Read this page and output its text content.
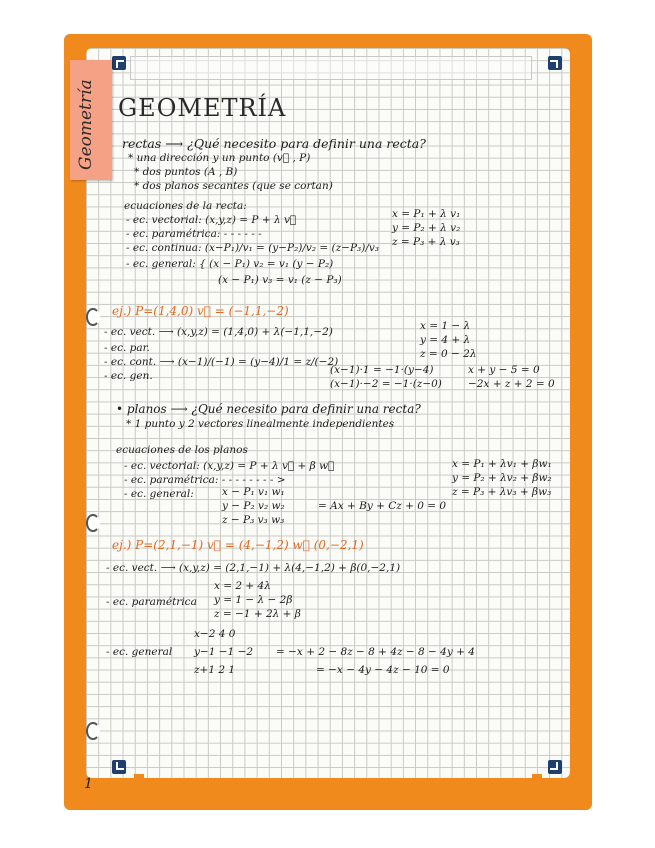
Geometría GEOMETRÍA
rectas ⟶ ¿Qué necesito para definir una recta?
* una dirección y un punto (v⃗ , P)
* dos puntos (A , B)
* dos planos secantes (que se cortan)
ecuaciones de la recta:
- ec. vectorial: (x,y,z) = P + λ v⃗
- ec. paramétrica: - - - - - -
- ec. continua: (x−P₁)/v₁ = (y−P₂)/v₂ = (z−P₃)/v₃
- ec. general: { (x − P₁) v₂ = v₁ (y − P₂)
(x − P₁) v₃ = v₁ (z − P₃)
x = P₁ + λ v₁
y = P₂ + λ v₂
z = P₃ + λ v₃
ej.) P=(1,4,0) v⃗ = (−1,1,−2)
- ec. vect. ⟶ (x,y,z) = (1,4,0) + λ(−1,1,−2)
- ec. par.
- ec. cont. ⟶ (x−1)/(−1) = (y−4)/1 = z/(−2)
- ec. gen.
x = 1 − λ
y = 4 + λ
z = 0 − 2λ
(x−1)·1 = −1·(y−4)
(x−1)·−2 = −1·(z−0)
x + y − 5 = 0
−2x + z + 2 = 0
• planos ⟶ ¿Qué necesito para definir una recta?
* 1 punto y 2 vectores linealmente independientes
ecuaciones de los planos
- ec. vectorial: (x,y,z) = P + λ v⃗ + β w⃗
- ec. paramétrica: - - - - - - - - >
- ec. general:	x − P₁ v₁ w₁
y − P₂ v₂ w₂
z − P₃ v₃ w₃
= Ax + By + Cz + 0 = 0
x = P₁ + λv₁ + βw₁
y = P₂ + λv₂ + βw₂
z = P₃ + λv₃ + βw₃
ej.) P=(2,1,−1) v⃗ = (4,−1,2) w⃗ (0,−2,1)
- ec. vect. ⟶ (x,y,z) = (2,1,−1) + λ(4,−1,2) + β(0,−2,1)
- ec. paramétrica
x = 2 + 4λ
y = 1 − λ − 2β
z = −1 + 2λ + β
- ec. general
x−2 4 0
y−1 −1 −2
z+1 2 1
= −x + 2 − 8z − 8 + 4z − 8 − 4y + 4
= −x − 4y − 4z − 10 = 0
1
